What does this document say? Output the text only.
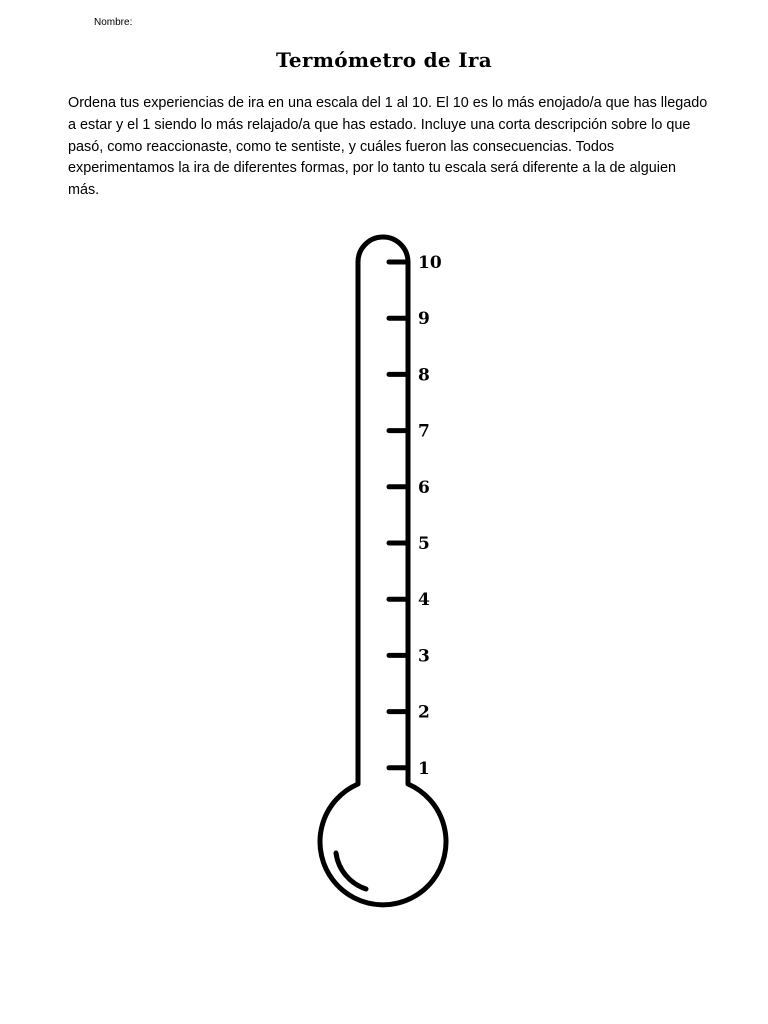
Nombre:
Termómetro de Ira
Ordena tus experiencias de ira en una escala del 1 al 10. El 10 es lo más enojado/a que has llegado a estar y el 1 siendo lo más relajado/a que has estado. Incluye una corta descripción sobre lo que pasó, como reaccionaste, como te sentiste, y cuáles fueron las consecuencias. Todos experimentamos la ira de diferentes formas, por lo tanto tu escala será diferente a la de alguien más.
10
9
8
7
6
5
4
3
2
1
